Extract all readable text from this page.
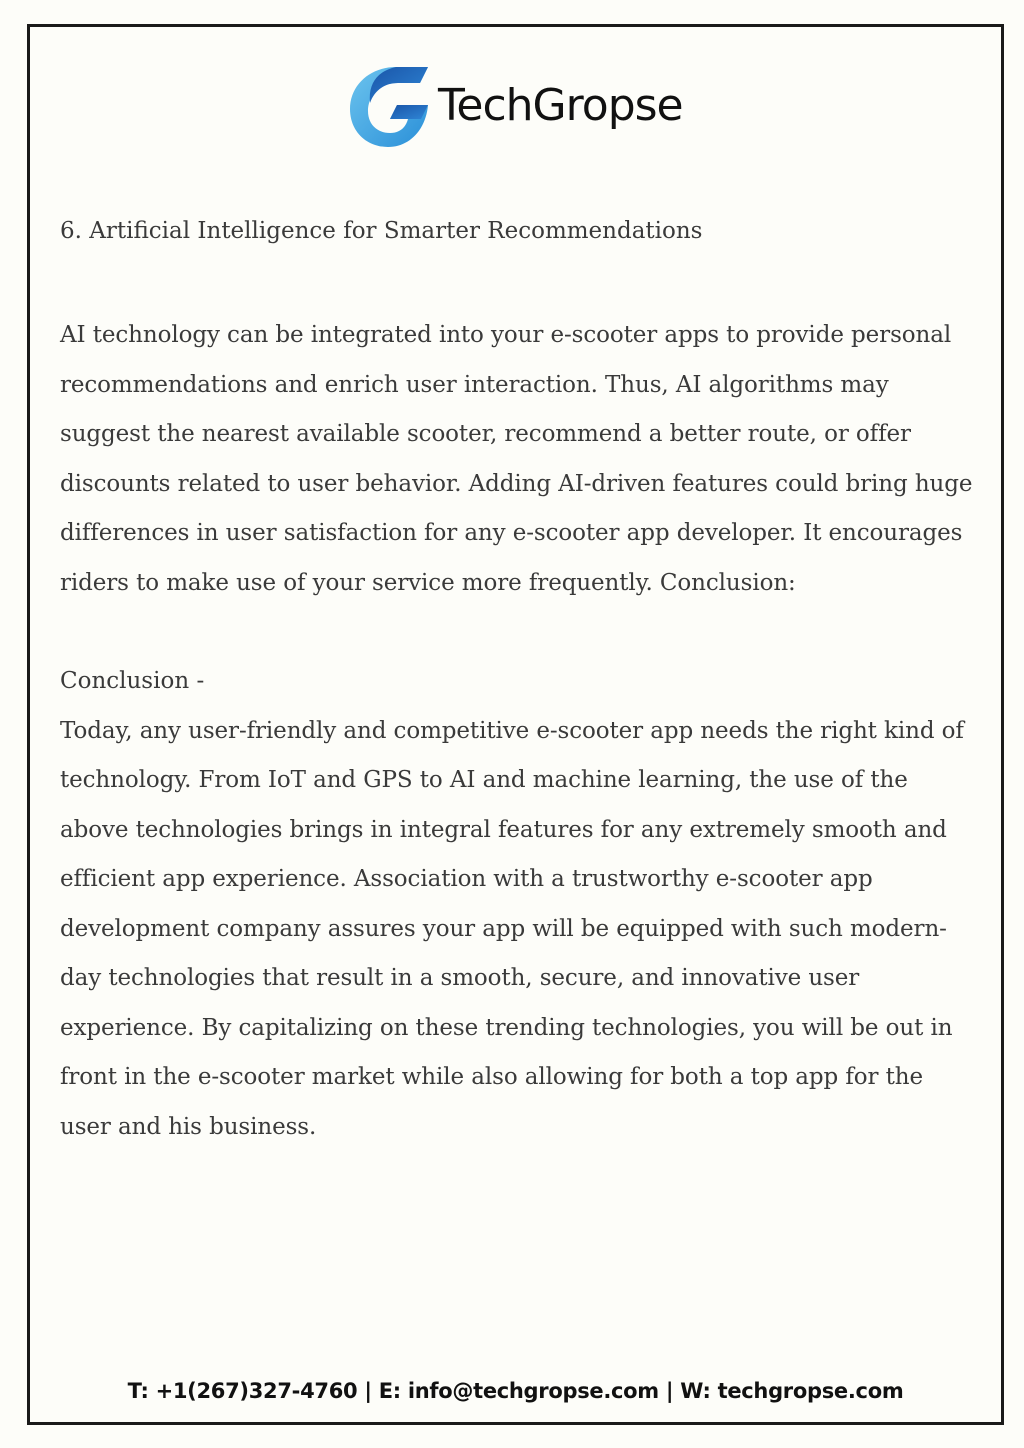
TechGropse
6. Artificial Intelligence for Smarter Recommendations

AI technology can be integrated into your e-scooter apps to provide personal recommendations and enrich user interaction. Thus, AI algorithms may suggest the nearest available scooter, recommend a better route, or offer discounts related to user behavior. Adding AI-driven features could bring huge differences in user satisfaction for any e-scooter app developer. It encourages riders to make use of your service more frequently. Conclusion:

Conclusion -

Today, any user-friendly and competitive e-scooter app needs the right kind of technology. From IoT and GPS to AI and machine learning, the use of the above technologies brings in integral features for any extremely smooth and efficient app experience. Association with a trustworthy e-scooter app development company assures your app will be equipped with such modern-day technologies that result in a smooth, secure, and innovative user experience. By capitalizing on these trending technologies, you will be out in front in the e-scooter market while also allowing for both a top app for the user and his business.

T: +1(267)327-4760 | E: info@techgropse.com | W: techgropse.com
